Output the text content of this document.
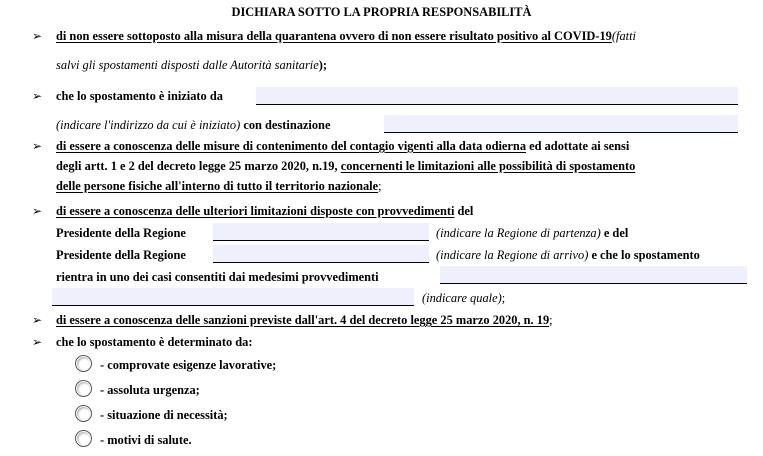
DICHIARA SOTTO LA PROPRIA RESPONSABILITÀ
➢ di non essere sottoposto alla misura della quarantena ovvero di non essere risultato positivo al COVID-19(fatti
salvi gli spostamenti disposti dalle Autorità sanitarie);
➢ che lo spostamento è iniziato da
(indicare l'indirizzo da cui è iniziato) con destinazione
➢ di essere a conoscenza delle misure di contenimento del contagio vigenti alla data odierna ed adottate ai sensi
degli artt. 1 e 2 del decreto legge 25 marzo 2020, n.19, concernenti le limitazioni alle possibilità di spostamento
delle persone fisiche all'interno di tutto il territorio nazionale;
➢ di essere a conoscenza delle ulteriori limitazioni disposte con provvedimenti del
Presidente della Regione	(indicare la Regione di partenza) e del
Presidente della Regione	(indicare la Regione di arrivo) e che lo spostamento
rientra in uno dei casi consentiti dai medesimi provvedimenti
(indicare quale);
➢ di essere a conoscenza delle sanzioni previste dall'art. 4 del decreto legge 25 marzo 2020, n. 19;
➢ che lo spostamento è determinato da:
- comprovate esigenze lavorative;
- assoluta urgenza;
- situazione di necessità;
- motivi di salute.
